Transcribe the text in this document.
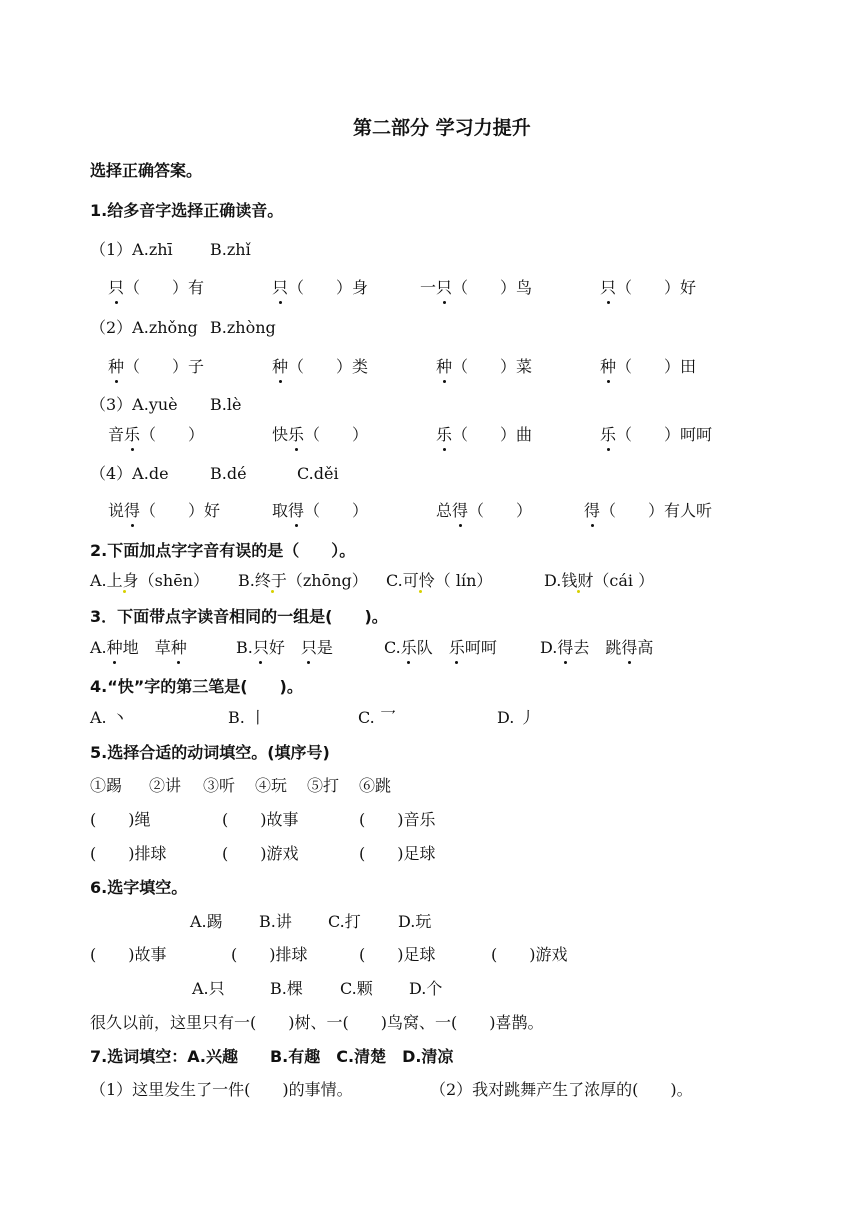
第二部分 学习力提升
选择正确答案。
1.给多音字选择正确读音。
（1）A.zhī B.zhǐ
只（　　）有	只（　　）身	一只（　　）鸟	只（　　）好
（2）A.zhǒng B.zhòng
种（　　）子	种（　　）类	种（　　）菜	种（　　）田
（3）A.yuè B.lè
音乐（　　）	快乐（　　）	乐（　　）曲	乐（　　）呵呵
（4）A.de	B.dé	C.děi
说得（　　）好	取得（　　）	总得（　　）	得（　　）有人听
2.下面加点字字音有误的是（　　）。
A.上身（shēn） B.终于（zhōng） C.可怜（ lín）	D.钱财（cái ）
3．下面带点字读音相同的一组是(　　)。
A.种地　 草种	B.只好　 只是	C.乐队　 乐呵呵	D.得去　 跳得高
4.“快”字的第三笔是(　　)。
A. 丶	B. 丨	C. 乛	D. 丿
5.选择合适的动词填空。(填序号)
①踢 ②讲 ③听 ④玩 ⑤打 ⑥跳
(　　)绳	(　　)故事	(　　)音乐
(　　)排球	(　　)游戏	(　　)足球
6.选字填空。
A.踢 B.讲 C.打 D.玩
(　　)故事	(　　)排球	(　　)足球	(　　)游戏
A.只	B.棵 C.颗 D.个
很久以前，这里只有一(　　)树、一(　　)鸟窝、一(　　)喜鹊。
7.选词填空：A.兴趣　　B.有趣　C.清楚　D.清凉
（1）这里发生了一件(　　)的事情。	（2）我对跳舞产生了浓厚的(　　)。
